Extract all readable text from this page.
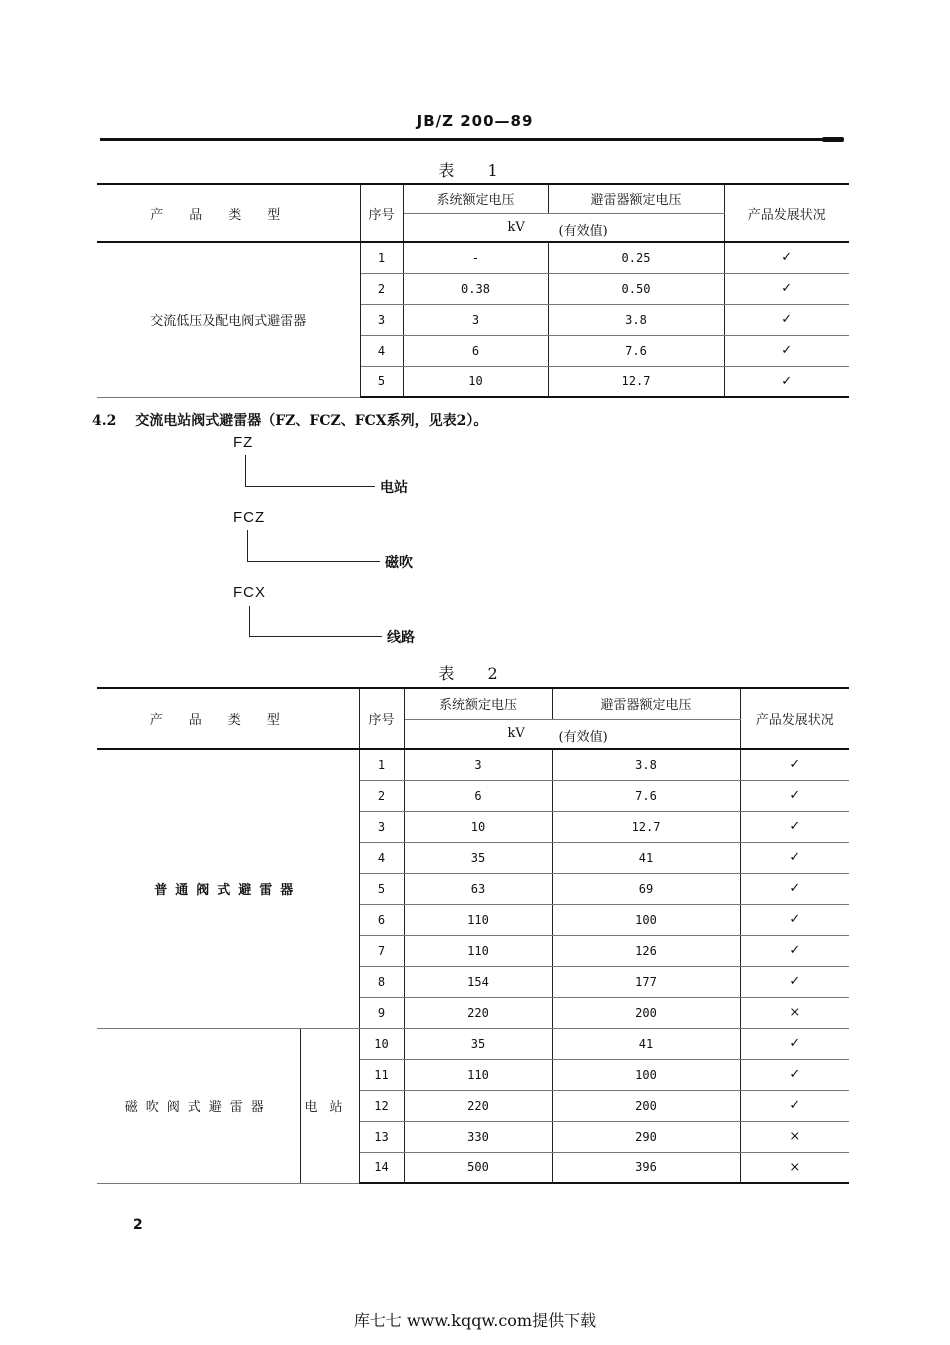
JB/Z 200—89
表 1
产品类型	序号	系统额定电压	避雷器额定电压	产品发展状况

		kV (有效值)		

交流低压及配电阀式避雷器	1	-	0.25	✓
	2	0.38	0.50	✓
	3	3	3.8	✓
	4	6	7.6	✓
	5	10	12.7	✓
4.2 交流电站阀式避雷器（FZ、FCZ、FCX系列，见表2）。
FZ
电站
FCZ
磁吹
FCX
线路
表 2
产品类型		序号	系统额定电压	避雷器额定电压	产品发展状况

			kV (有效值)		

普通阀式避雷器		1	3	3.8	✓
		2	6	7.6	✓
		3	10	12.7	✓
		4	35	41	✓
		5	63	69	✓
		6	110	100	✓
		7	110	126	✓
		8	154	177	✓
		9	220	200	×
磁吹阀式避雷器	电站	10	35	41	✓
		11	110	100	✓
		12	220	200	✓
		13	330	290	×
		14	500	396	×
2
库七七 www.kqqw.com提供下载
